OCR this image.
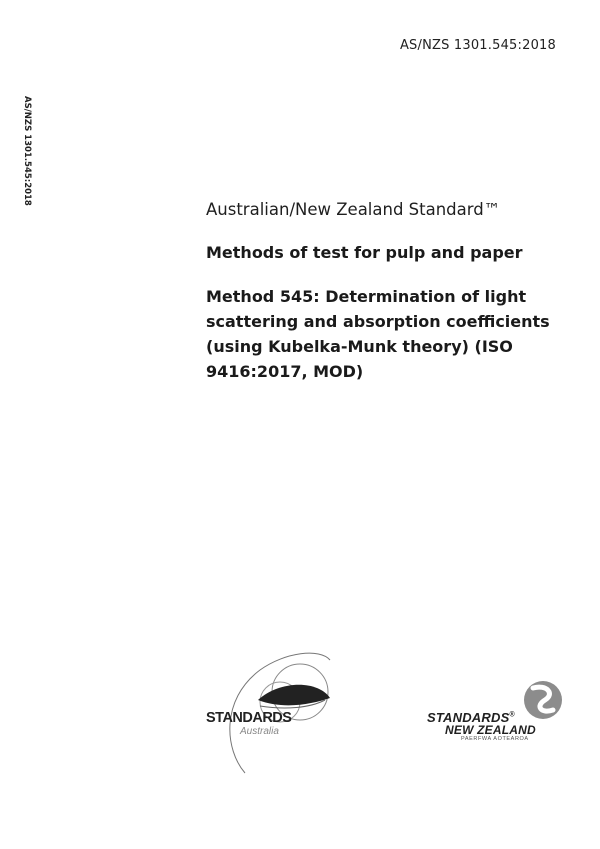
AS/NZS 1301.545:2018
AS/NZS 1301.545:2018
Australian/New Zealand Standard™
Methods of test for pulp and paper
Method 545: Determination of light
scattering and absorption coefficients
(using Kubelka-Munk theory) (ISO
9416:2017, MOD)
STANDARDS
Australia
STANDARDS®
NEW ZEALAND
PAERFWA AOTEAROA
